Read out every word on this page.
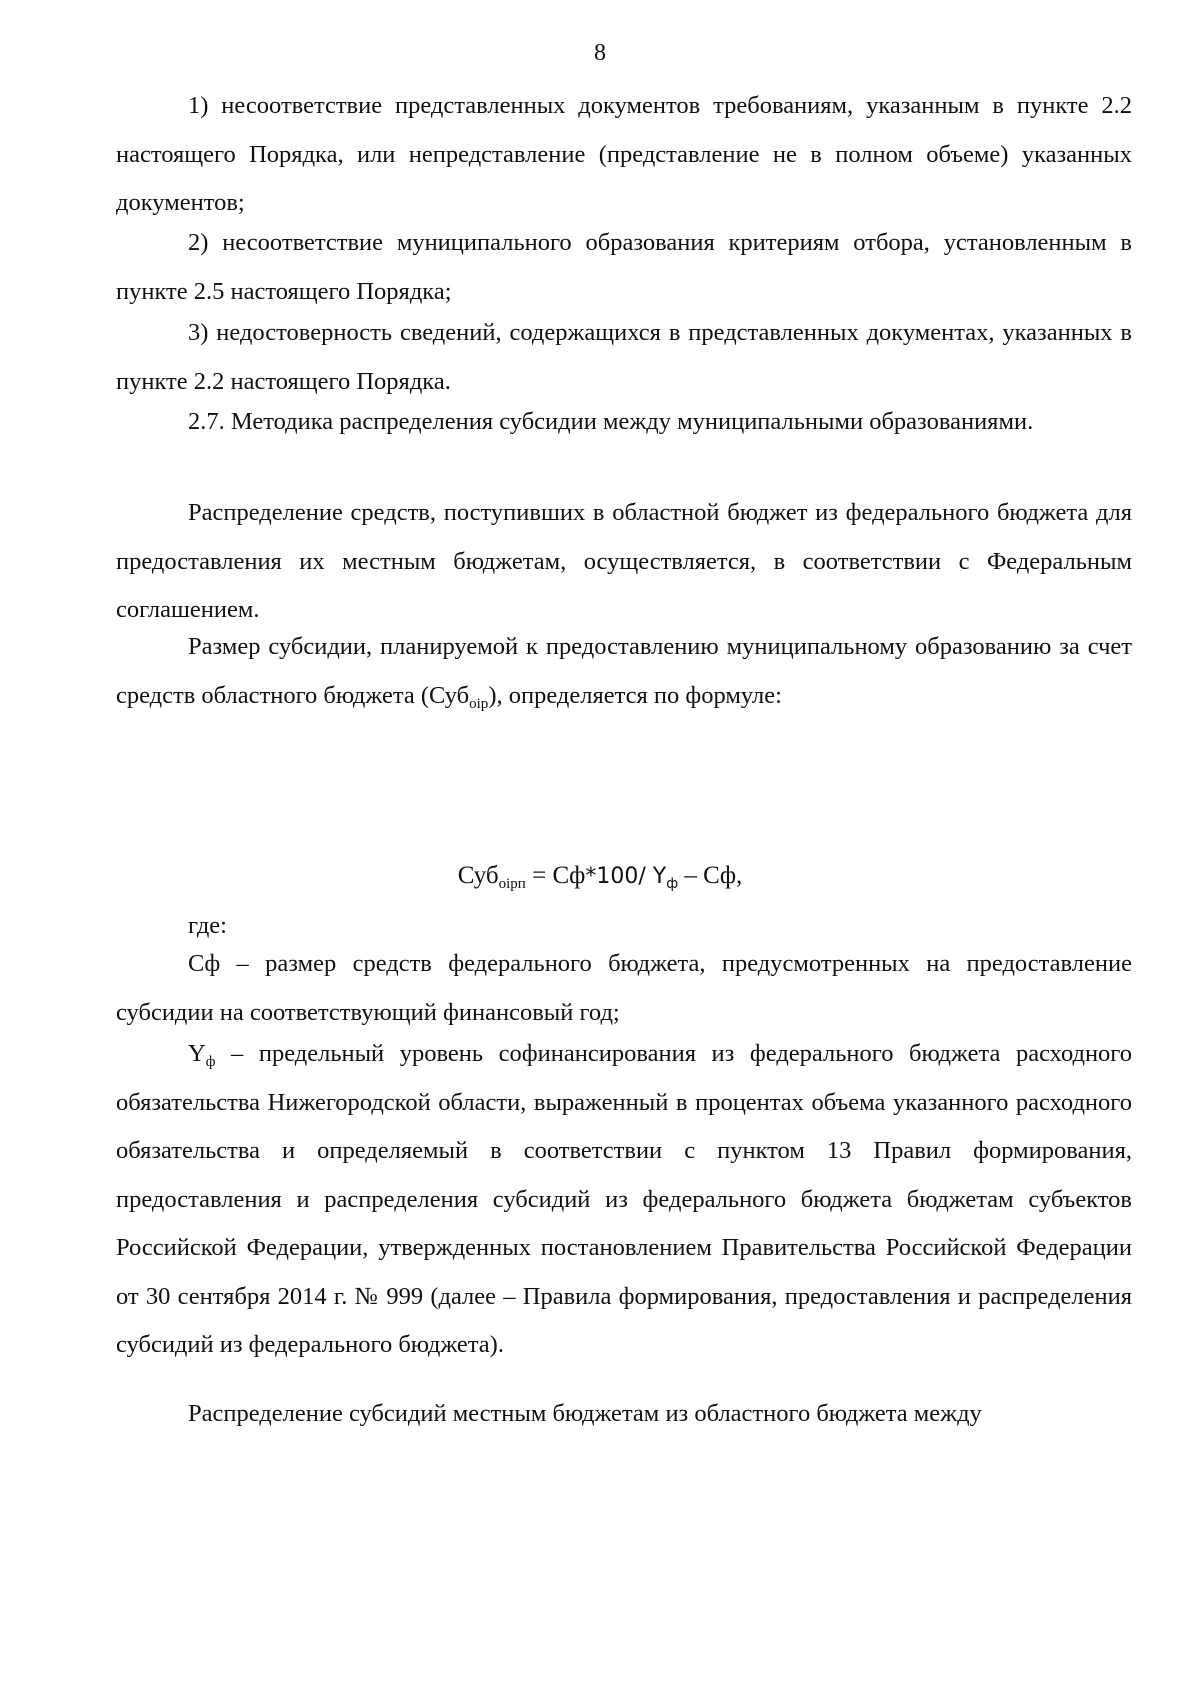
8

1) несоответствие представленных документов требованиям, указанным в пункте 2.2 настоящего Порядка, или непредставление (представление не в полном объеме) указанных документов;

2) несоответствие муниципального образования критериям отбора, установленным в пункте 2.5 настоящего Порядка;

3) недостоверность сведений, содержащихся в представленных документах, указанных в пункте 2.2 настоящего Порядка.

2.7. Методика распределения субсидии между муниципальными образованиями.

Распределение средств, поступивших в областной бюджет из федерального бюджета для предоставления их местным бюджетам, осуществляется, в соответствии с Федеральным соглашением.

Размер субсидии, планируемой к предоставлению муниципальному образованию за счет средств областного бюджета (Суб$_{оір}$), определяется по формуле:

Суб$_{оірп}$ = Сф*100/ $Y_ф$ – Сф,

где:

Сф – размер средств федерального бюджета, предусмотренных на предоставление субсидии на соответствующий финансовый год;

$Y_ф$ – предельный уровень софинансирования из федерального бюджета расходного обязательства Нижегородской области, выраженный в процентах объема указанного расходного обязательства и определяемый в соответствии с пунктом 13 Правил формирования, предоставления и распределения субсидий из федерального бюджета бюджетам субъектов Российской Федерации, утвержденных постановлением Правительства Российской Федерации от 30 сентября 2014 г. № 999 (далее – Правила формирования, предоставления и распределения субсидий из федерального бюджета).

Распределение субсидий местным бюджетам из областного бюджета между
